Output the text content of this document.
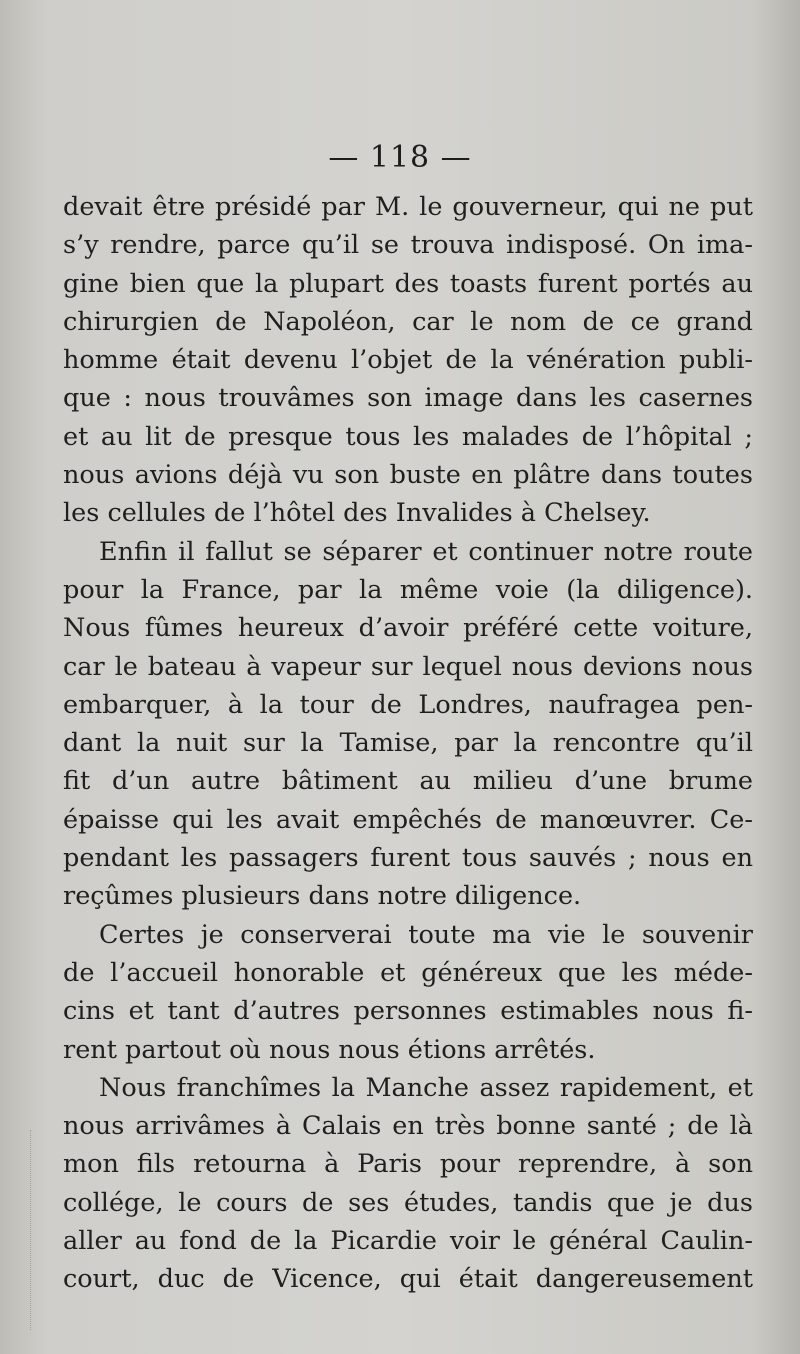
— 118 —
devait être présidé par M. le gouverneur, qui ne put
s’y rendre, parce qu’il se trouva indisposé. On ima-
gine bien que la plupart des toasts furent portés au
chirurgien de Napoléon, car le nom de ce grand
homme était devenu l’objet de la vénération publi-
que : nous trouvâmes son image dans les casernes
et au lit de presque tous les malades de l’hôpital ;
nous avions déjà vu son buste en plâtre dans toutes
les cellules de l’hôtel des Invalides à Chelsey.
Enfin il fallut se séparer et continuer notre route
pour la France, par la même voie (la diligence).
Nous fûmes heureux d’avoir préféré cette voiture,
car le bateau à vapeur sur lequel nous devions nous
embarquer, à la tour de Londres, naufragea pen-
dant la nuit sur la Tamise, par la rencontre qu’il
fit d’un autre bâtiment au milieu d’une brume
épaisse qui les avait empêchés de manœuvrer. Ce-
pendant les passagers furent tous sauvés ; nous en
reçûmes plusieurs dans notre diligence.
Certes je conserverai toute ma vie le souvenir
de l’accueil honorable et généreux que les méde-
cins et tant d’autres personnes estimables nous fi-
rent partout où nous nous étions arrêtés.
Nous franchîmes la Manche assez rapidement, et
nous arrivâmes à Calais en très bonne santé ; de là
mon fils retourna à Paris pour reprendre, à son
collége, le cours de ses études, tandis que je dus
aller au fond de la Picardie voir le général Caulin-
court, duc de Vicence, qui était dangereusement
